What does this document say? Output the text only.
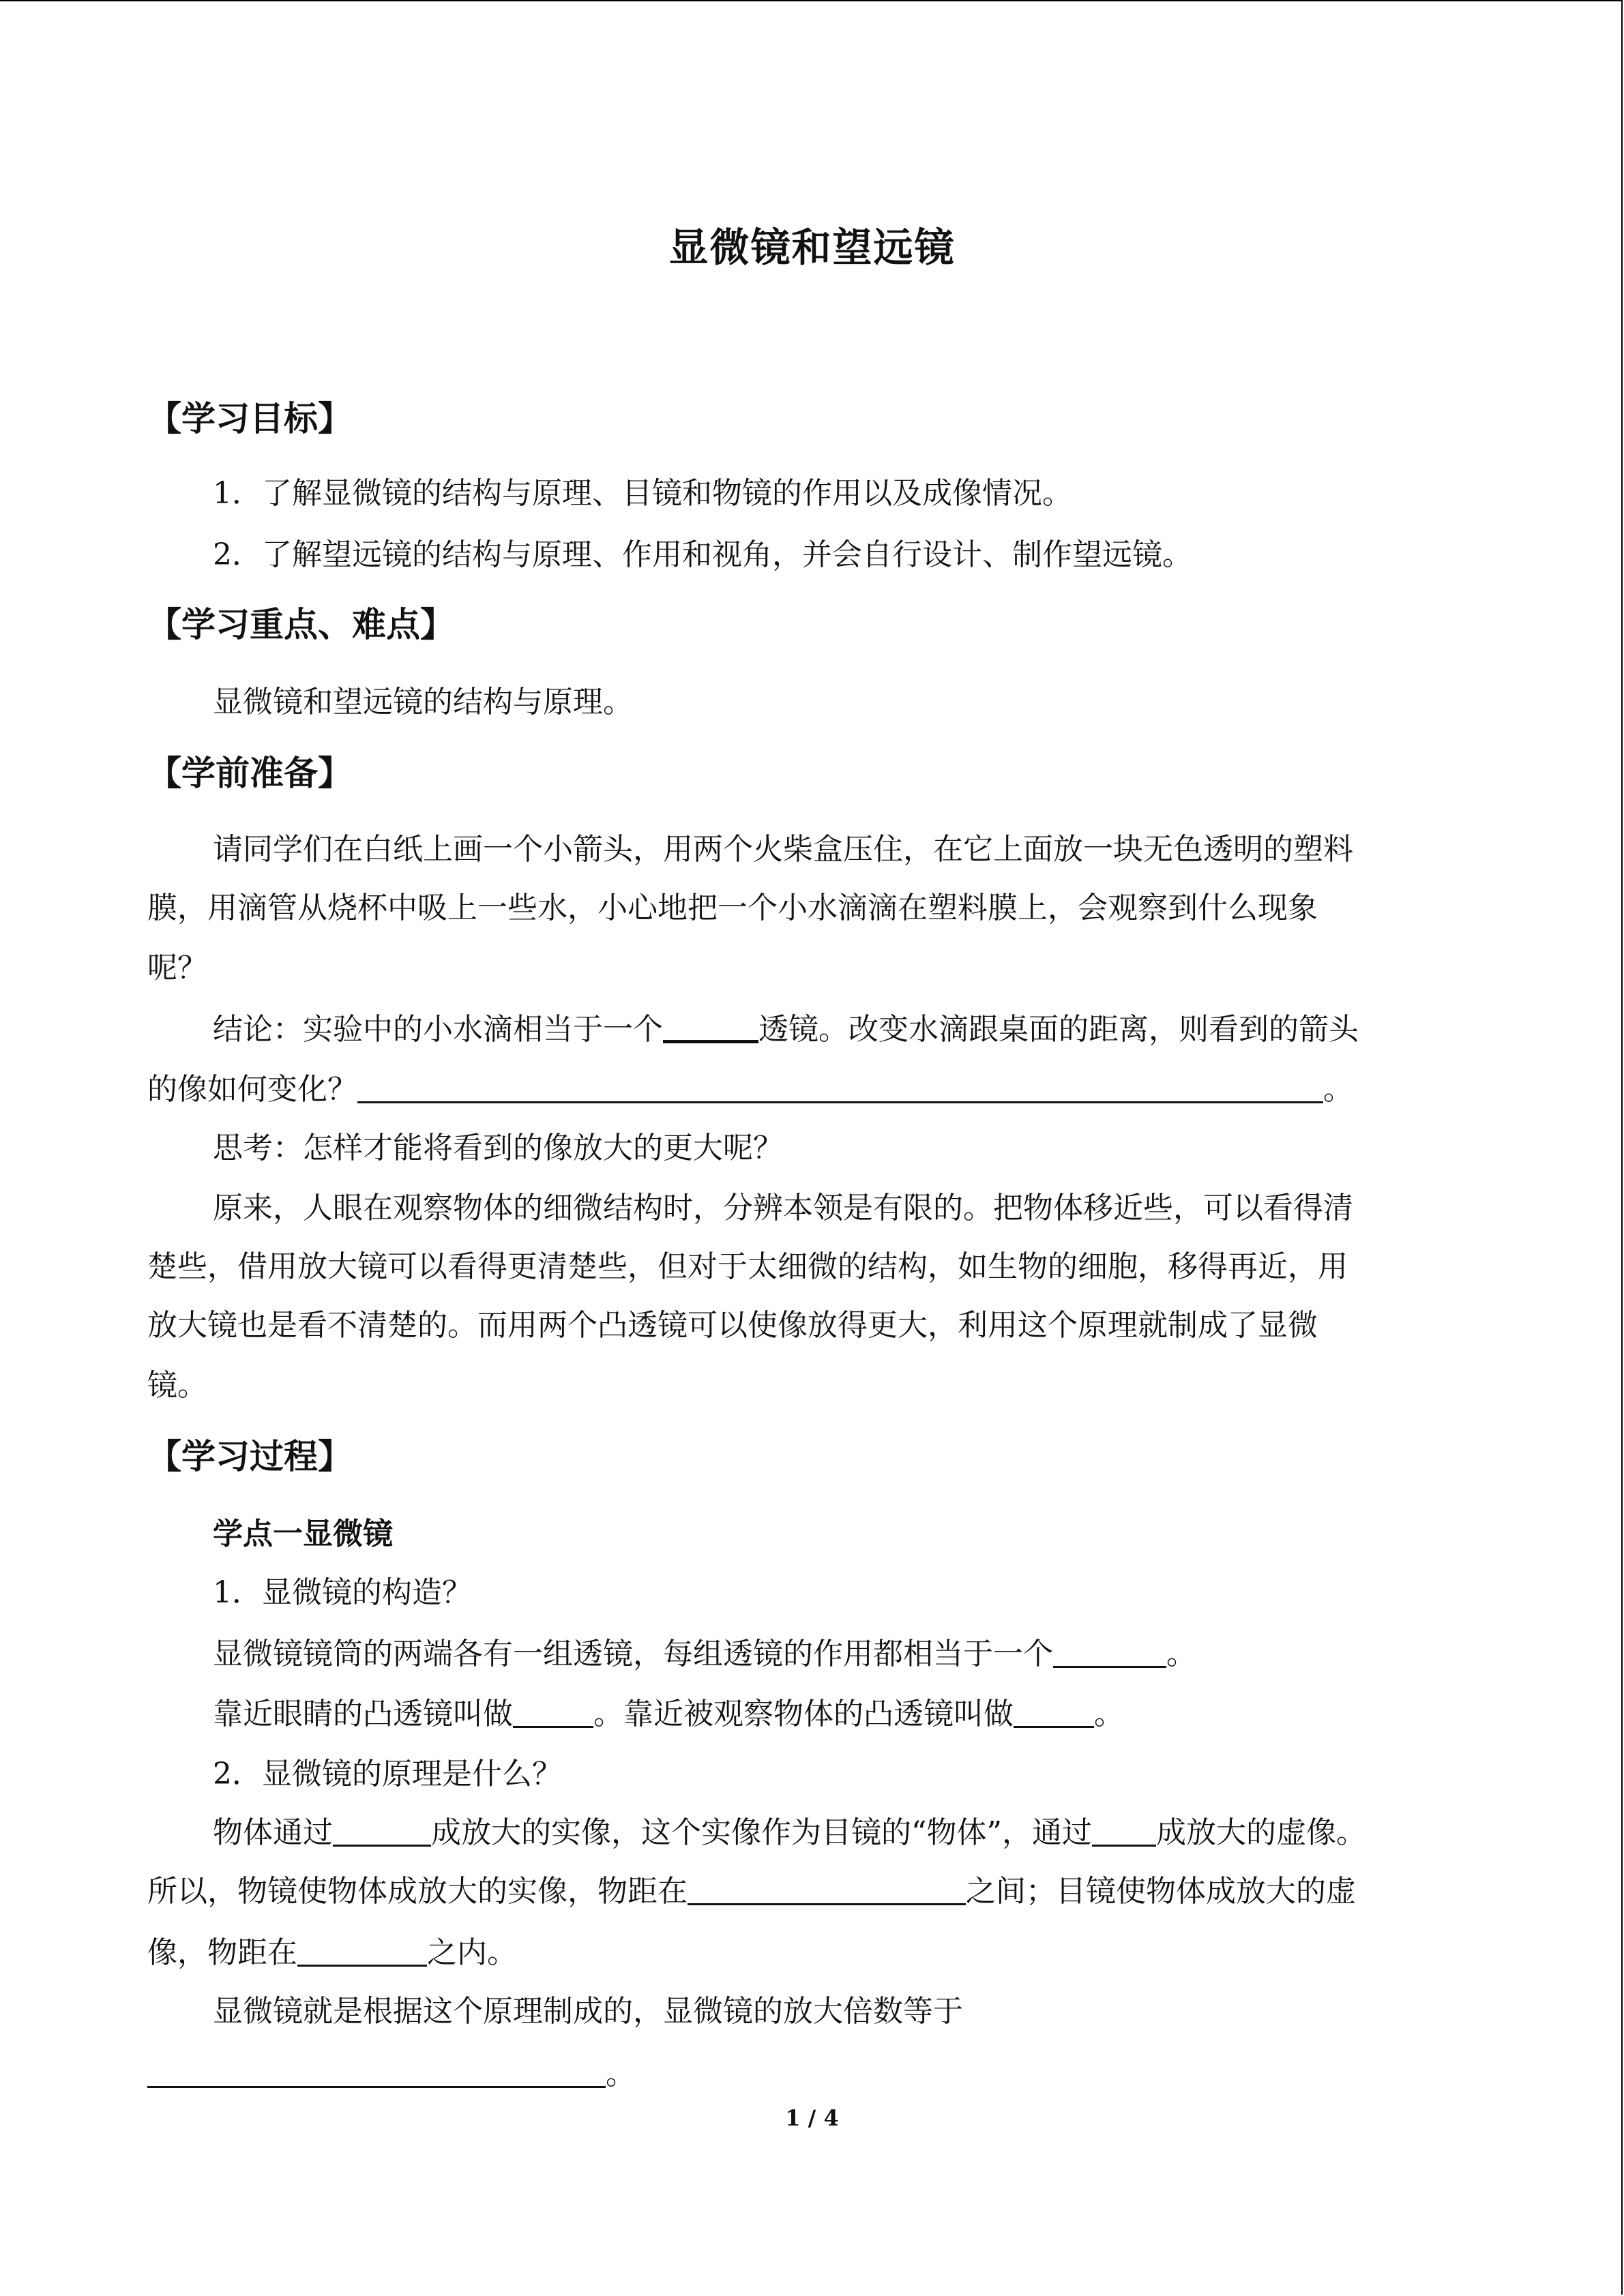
显微镜和望远镜
【学习目标】
1．了解显微镜的结构与原理、目镜和物镜的作用以及成像情况。
2．了解望远镜的结构与原理、作用和视角，并会自行设计、制作望远镜。
【学习重点、难点】
显微镜和望远镜的结构与原理。
【学前准备】
请同学们在白纸上画一个小箭头，用两个火柴盒压住，在它上面放一块无色透明的塑料
膜，用滴管从烧杯中吸上一些水，小心地把一个小水滴滴在塑料膜上，会观察到什么现象
呢？
结论：实验中的小水滴相当于一个	透镜。改变水滴跟桌面的距离，则看到的箭头
的像如何变化？	。
思考：怎样才能将看到的像放大的更大呢？
原来，人眼在观察物体的细微结构时，分辨本领是有限的。把物体移近些，可以看得清
楚些，借用放大镜可以看得更清楚些，但对于太细微的结构，如生物的细胞，移得再近，用
放大镜也是看不清楚的。而用两个凸透镜可以使像放得更大，利用这个原理就制成了显微
镜。
【学习过程】
学点一显微镜
1．显微镜的构造？
显微镜镜筒的两端各有一组透镜，每组透镜的作用都相当于一个	。
靠近眼睛的凸透镜叫做	。靠近被观察物体的凸透镜叫做	。
2．显微镜的原理是什么？
物体通过	成放大的实像，这个实像作为目镜的“物体”，通过 成放大的虚像。
所以，物镜使物体成放大的实像，物距在	之间；目镜使物体成放大的虚
像，物距在	之内。
显微镜就是根据这个原理制成的，显微镜的放大倍数等于
。
1 / 4
